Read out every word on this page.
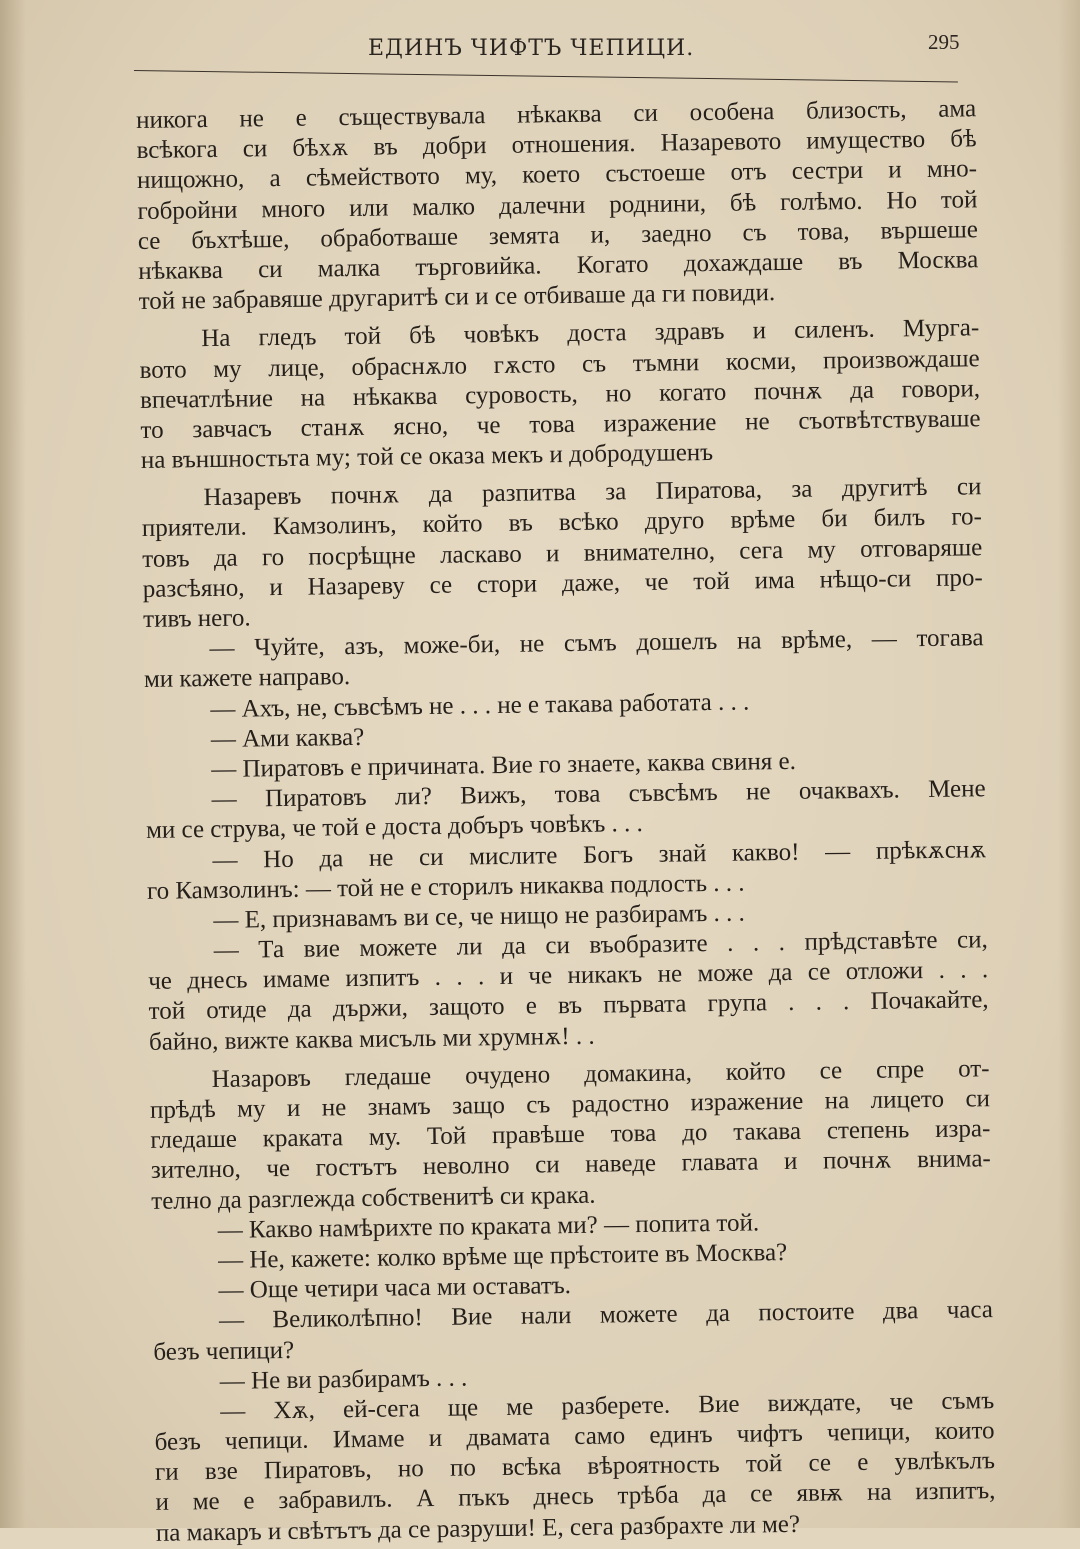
ЕДИНЪ ЧИФТЪ ЧЕПИЦИ.	295
никога не е съществувала нѣкаква си особена близость, ама
всѣкога си бѣхѫ въ добри отношения. Назаревото имущество бѣ
нищожно, а сѣмейството му, което състоеше отъ сестри и мно-
гобройни много или малко далечни роднини, бѣ голѣмо. Но той
се бъхтѣше, обработваше земята и, заедно съ това, вършеше
нѣкаква си малка търговийка. Когато дохаждаше въ Москва
той не забравяше другаритѣ си и се отбиваше да ги повиди.
На гледъ той бѣ човѣкъ доста здравъ и силенъ. Мурга-
вото му лице, обраснѫло гѫсто съ тъмни косми, произвождаше
впечатлѣние на нѣкаква суровость, но когато почнѫ да говори,
то завчасъ станѫ ясно, че това изражение не съотвѣтствуваше
на външностьта му; той се оказа мекъ и добродушенъ
Назаревъ почнѫ да разпитва за Пиратова, за другитѣ си
приятели. Камзолинъ, който въ всѣко друго врѣме би билъ го-
товъ да го посрѣщне ласкаво и внимателно, сега му отговаряше
разсѣяно, и Назареву се стори даже, че той има нѣщо-си про-
тивъ него.
— Чуйте, азъ, може-би, не съмъ дошелъ на врѣме, — тогава
ми кажете направо.
— Ахъ, не, съвсѣмъ не . . . не е такава работата . . .
— Ами каква?
— Пиратовъ е причината. Вие го знаете, каква свиня е.
— Пиратовъ ли? Вижъ, това съвсѣмъ не очаквахъ. Мене
ми се струва, че той е доста добъръ човѣкъ . . .
— Но да не си мислите Богъ знай какво! — прѣкѫснѫ
го Камзолинъ: — той не е сторилъ никаква подлость . . .
— Е, признавамъ ви се, че нищо не разбирамъ . . .
— Та вие можете ли да си въобразите . . . прѣдставѣте си,
че днесь имаме изпитъ . . . и че никакъ не може да се отложи . . .
той отиде да държи, защото е въ първата група . . . Почакайте,
байно, вижте каква мисъль ми хрумнѫ! . .
Назаровъ гледаше очудено домакина, който се спре от-
прѣдѣ му и не знамъ защо съ радостно изражение на лицето си
гледаше краката му. Той правѣше това до такава степень изра-
зително, че гостътъ неволно си наведе главата и почнѫ внима-
телно да разглежда собственитѣ си крака.
— Какво намѣрихте по краката ми? — попита той.
— Не, кажете: колко врѣме ще прѣстоите въ Москва?
— Още четири часа ми оставатъ.
— Великолѣпно! Вие нали можете да постоите два часа
безъ чепици?
— Не ви разбирамъ . . .
— Хѫ, ей-сега ще ме разберете. Вие виждате, че съмъ
безъ чепици. Имаме и двамата само единъ чифтъ чепици, които
ги взе Пиратовъ, но по всѣка вѣроятность той се е увлѣкълъ
и ме е забравилъ. А пъкъ днесь трѣба да се явѭ на изпитъ,
па макаръ и свѣтътъ да се разруши! Е, сега разбрахте ли ме?
